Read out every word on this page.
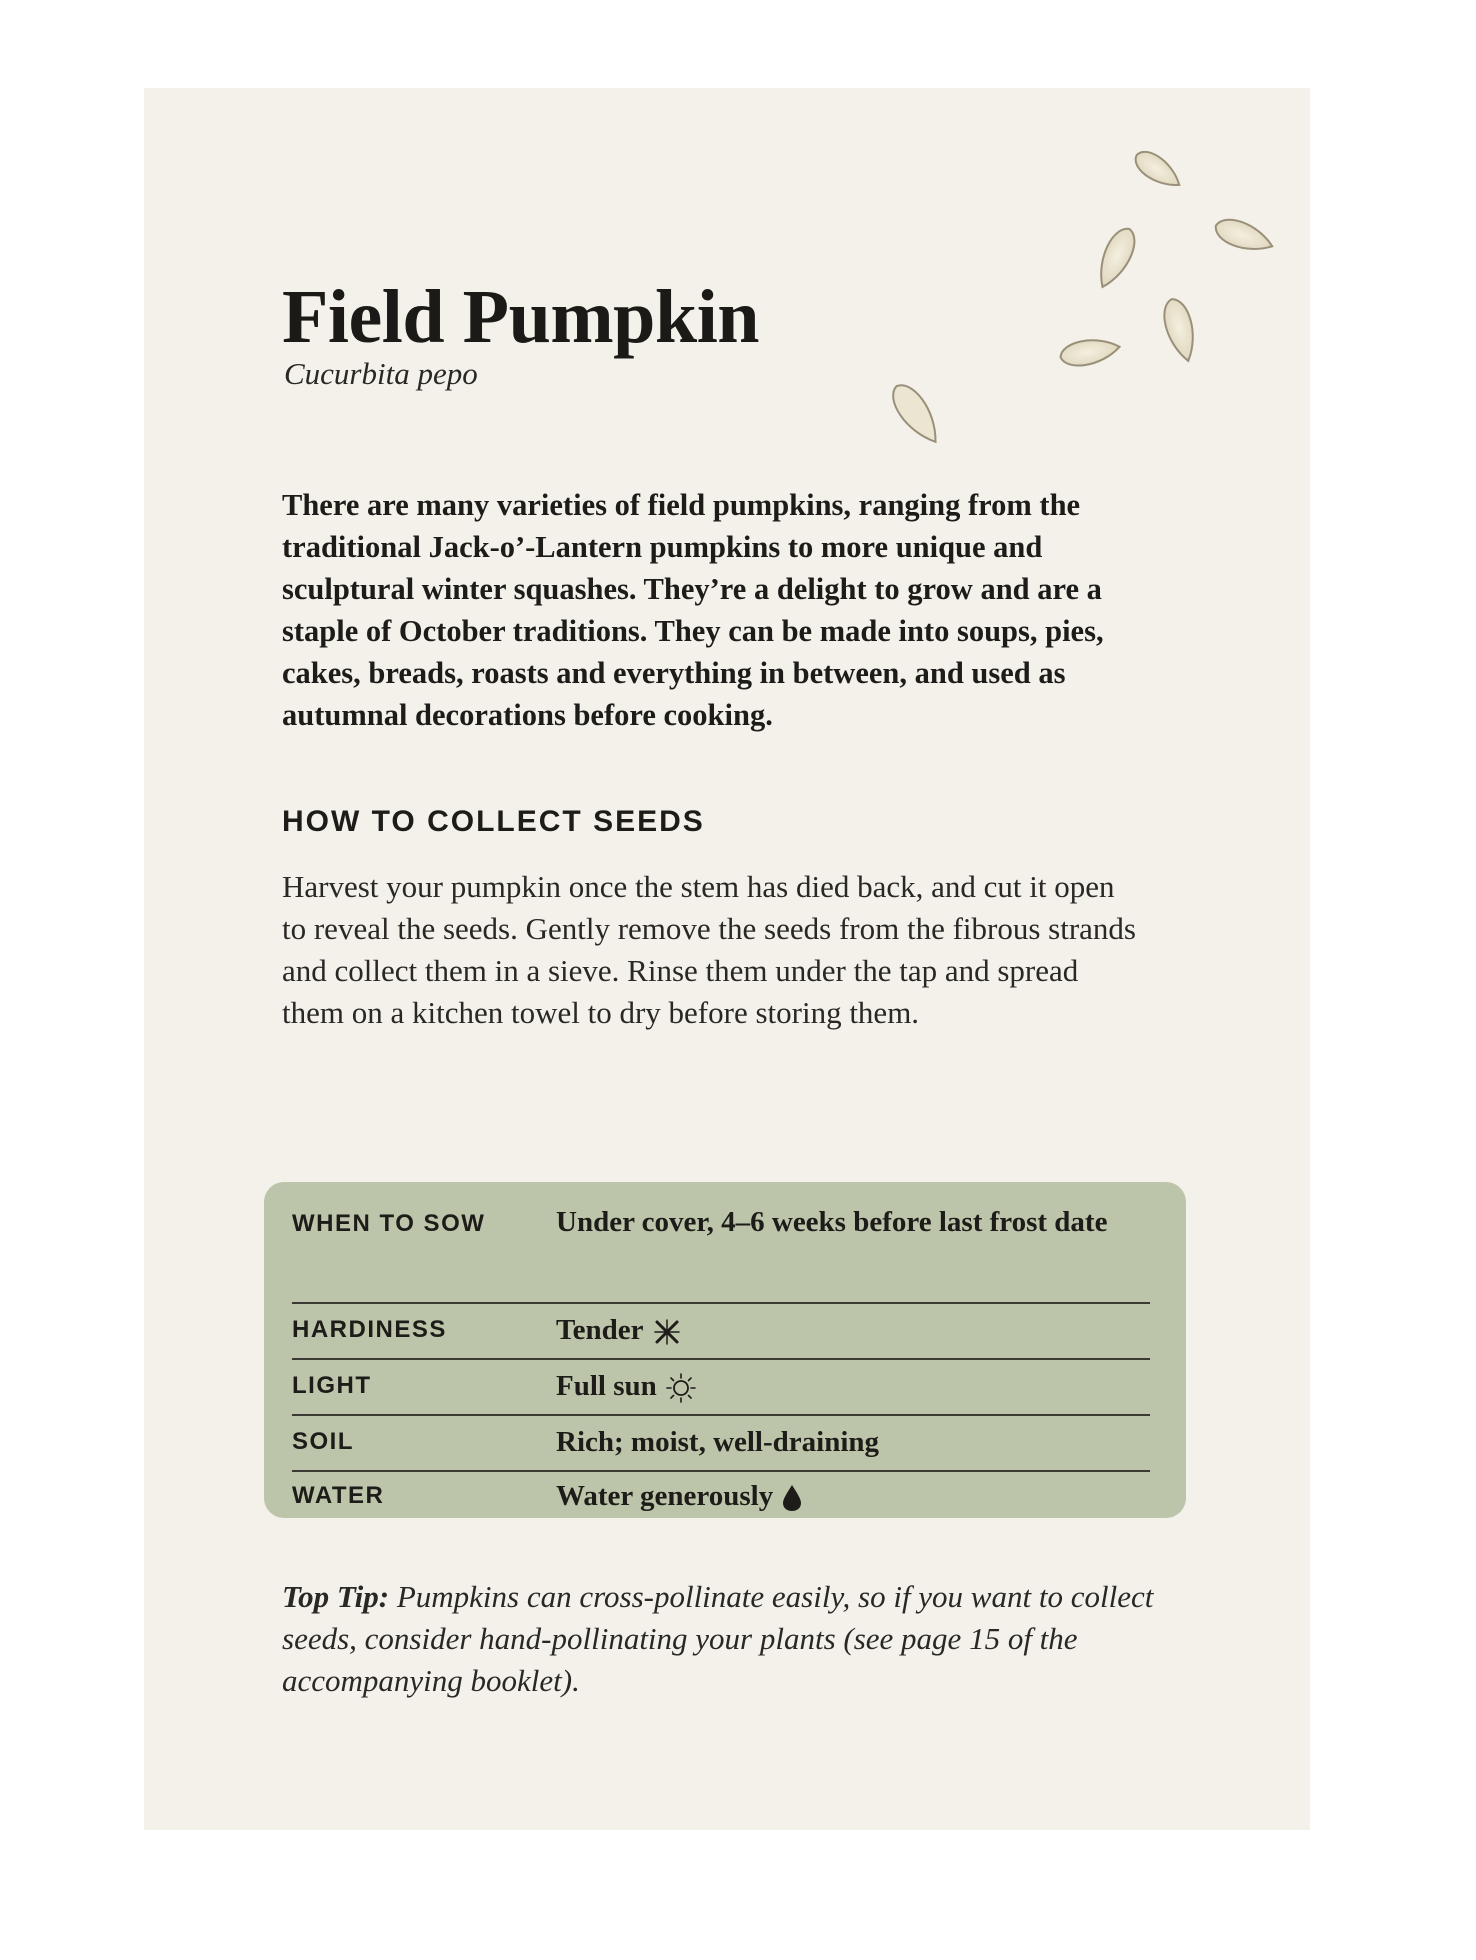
Field Pumpkin

Cucurbita pepo

There are many varieties of field pumpkins, ranging from the traditional Jack-o’-Lantern pumpkins to more unique and sculptural winter squashes. They’re a delight to grow and are a staple of October traditions. They can be made into soups, pies, cakes, breads, roasts and everything in between, and used as autumnal decorations before cooking.

HOW TO COLLECT SEEDS

Harvest your pumpkin once the stem has died back, and cut it open to reveal the seeds. Gently remove the seeds from the fibrous strands and collect them in a sieve. Rinse them under the tap and spread them on a kitchen towel to dry before storing them.

WHEN TO SOW Under cover, 4–6 weeks before last frost date
HARDINESS	Tender
LIGHT	Full sun
SOIL	Rich; moist, well-draining
WATER	Water generously

Top Tip: Pumpkins can cross-pollinate easily, so if you want to collect seeds, consider hand-pollinating your plants (see page 15 of the accompanying booklet).
